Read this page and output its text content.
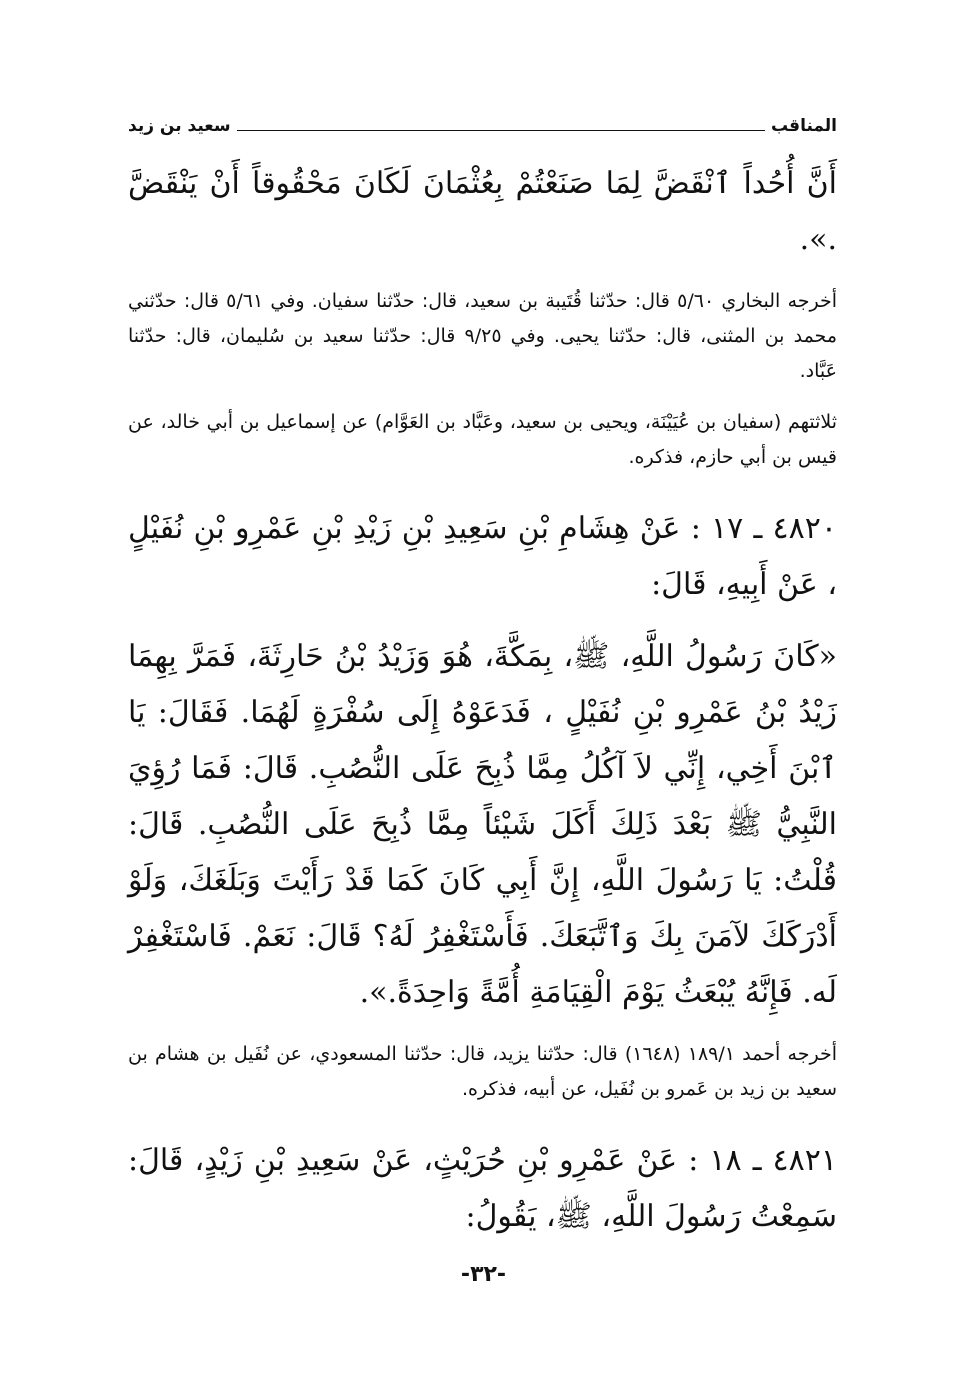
المناقب
سعيد بن زيد

أَنَّ أُحُداً ٱنْقَضَّ لِمَا صَنَعْتُمْ بِعُثْمَانَ لَكَانَ مَحْقُوقاً أَنْ يَنْقَضَّ .».

أخرجه البخاري ٥/٦٠ قال: حدّثنا قُتَيبة بن سعيد، قال: حدّثنا سفيان. وفي ٥/٦١ قال: حدّثني محمد بن المثنى، قال: حدّثنا يحيى. وفي ٩/٢٥ قال: حدّثنا سعيد بن سُليمان، قال: حدّثنا عَبَّاد.

ثلاثتهم (سفيان بن عُيَيْنَة، ويحيى بن سعيد، وعَبَّاد بن العَوَّام) عن إسماعيل بن أبي خالد، عن قيس بن أبي حازم، فذكره.

٤٨٢٠ ـ ١٧ : عَنْ هِشَامِ بْنِ سَعِيدِ بْنِ زَيْدِ بْنِ عَمْرِو بْنِ نُفَيْلٍ ، عَنْ أَبِيهِ، قَالَ:

«كَانَ رَسُولُ اللَّهِ، ﷺ، بِمَكَّةَ، هُوَ وَزَيْدُ بْنُ حَارِثَةَ، فَمَرَّ بِهِمَا زَيْدُ بْنُ عَمْرِو بْنِ نُفَيْلٍ ، فَدَعَوْهُ إِلَى سُفْرَةٍ لَهُمَا. فَقَالَ: يَا ٱبْنَ أَخِي، إِنِّي لاَ آكُلُ مِمَّا ذُبِحَ عَلَى النُّصُبِ. قَالَ: فَمَا رُؤِيَ النَّبِيُّ ﷺ بَعْدَ ذَلِكَ أَكَلَ شَيْئاً مِمَّا ذُبِحَ عَلَى النُّصُبِ. قَالَ: قُلْتُ: يَا رَسُولَ اللَّهِ، إِنَّ أَبِي كَانَ كَمَا قَدْ رَأَيْتَ وَبَلَغَكَ، وَلَوْ أَدْرَكَكَ لآمَنَ بِكَ وَٱتَّبَعَكَ. فَأَسْتَغْفِرُ لَهُ؟ قَالَ: نَعَمْ. فَاسْتَغْفِرْ لَه. فَإِنَّهُ يُبْعَثُ يَوْمَ الْقِيَامَةِ أُمَّةً وَاحِدَةً.».

أخرجه أحمد ١٨٩/١ (١٦٤٨) قال: حدّثنا يزيد، قال: حدّثنا المسعودي، عن نُفَيل بن هشام بن سعيد بن زيد بن عَمرو بن نُفَيل، عن أبيه، فذكره.

٤٨٢١ ـ ١٨ : عَنْ عَمْرِو بْنِ حُرَيْثٍ، عَنْ سَعِيدِ بْنِ زَيْدٍ، قَالَ: سَمِعْتُ رَسُولَ اللَّهِ، ﷺ، يَقُولُ:

-٣٢-
